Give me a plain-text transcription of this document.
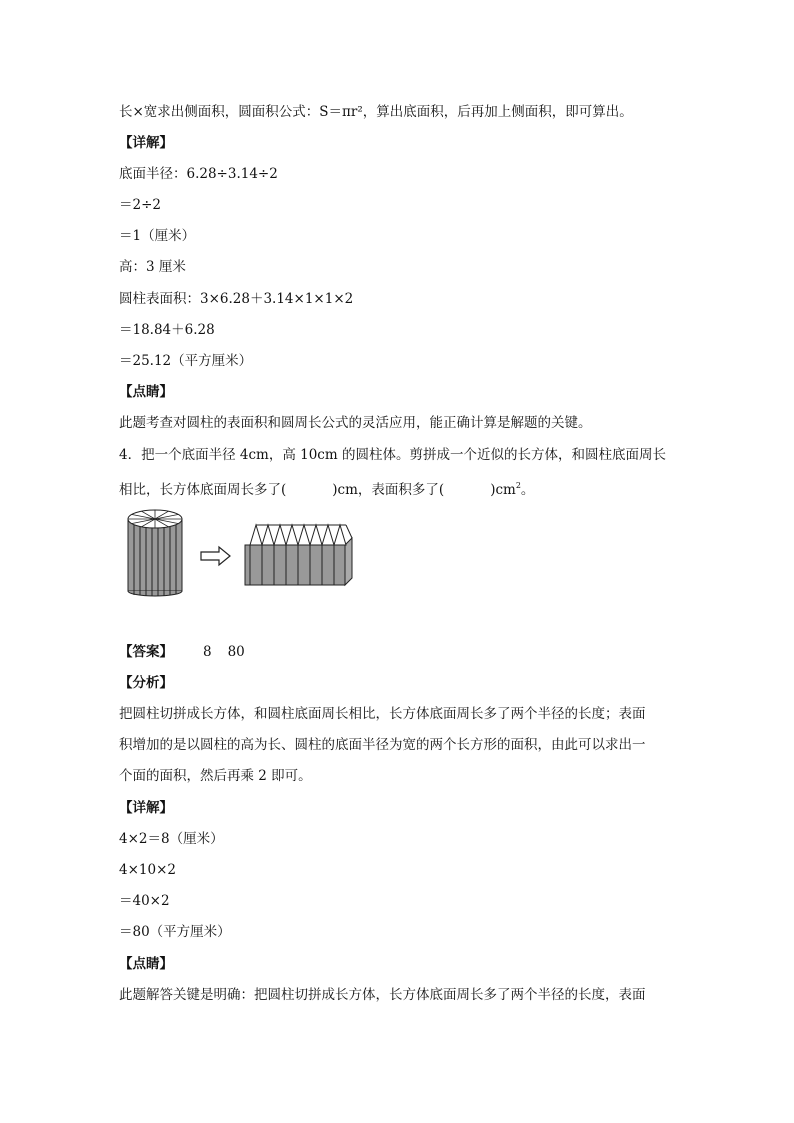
长×宽求出侧面积，圆面积公式：S＝πr²，算出底面积，后再加上侧面积，即可算出。
【详解】
底面半径：6.28÷3.14÷2
＝2÷2
＝1（厘米）
高：3 厘米
圆柱表面积：3×6.28＋3.14×1×1×2
＝18.84＋6.28
＝25.12（平方厘米）
【点睛】
此题考查对圆柱的表面积和圆周长公式的灵活应用，能正确计算是解题的关键。
4．把一个底面半径 4cm，高 10cm 的圆柱体。剪拼成一个近似的长方体，和圆柱底面周长
相比，长方体底面周长多了(	)cm，表面积多了(	)$cm^2$。
【答案】 8 80
【分析】
把圆柱切拼成长方体，和圆柱底面周长相比，长方体底面周长多了两个半径的长度；表面
积增加的是以圆柱的高为长、圆柱的底面半径为宽的两个长方形的面积，由此可以求出一
个面的面积，然后再乘 2 即可。
【详解】
4×2＝8（厘米）
4×10×2
＝40×2
＝80（平方厘米）
【点睛】
此题解答关键是明确：把圆柱切拼成长方体，长方体底面周长多了两个半径的长度，表面
